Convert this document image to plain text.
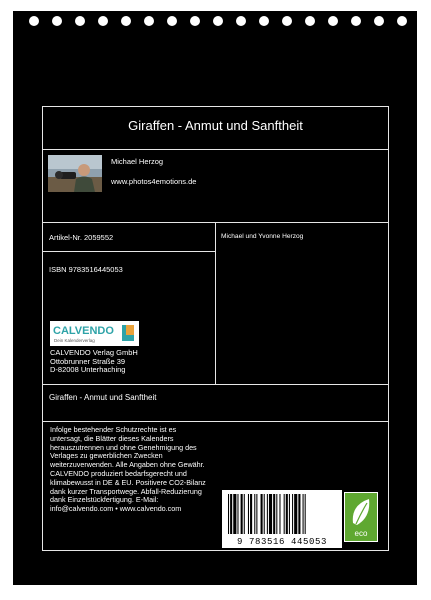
Giraffen - Anmut und Sanftheit
Michael Herzog
www.photos4emotions.de
Artikel-Nr. 2059552	Michael und Yvonne Herzog
ISBN 9783516445053
CALVENDO
Dein Kalenderverlag
CALVENDO Verlag GmbH
Ottobrunner Straße 39
D-82008 Unterhaching
Giraffen - Anmut und Sanftheit
Infolge bestehender Schutzrechte ist es untersagt, die Blätter dieses Kalenders herauszutrennen und ohne Genehmigung des Verlages zu gewerblichen Zwecken weiterzuverwenden. Alle Angaben ohne Gewähr. CALVENDO produziert bedarfsgerecht und klimabewusst in DE & EU. Positivere CO2-Bilanz dank kurzer Transportwege. Abfall-Reduzierung dank Einzelstückfertigung. E-Mail: info@calvendo.com • www.calvendo.com
9 783516 445053
eco
